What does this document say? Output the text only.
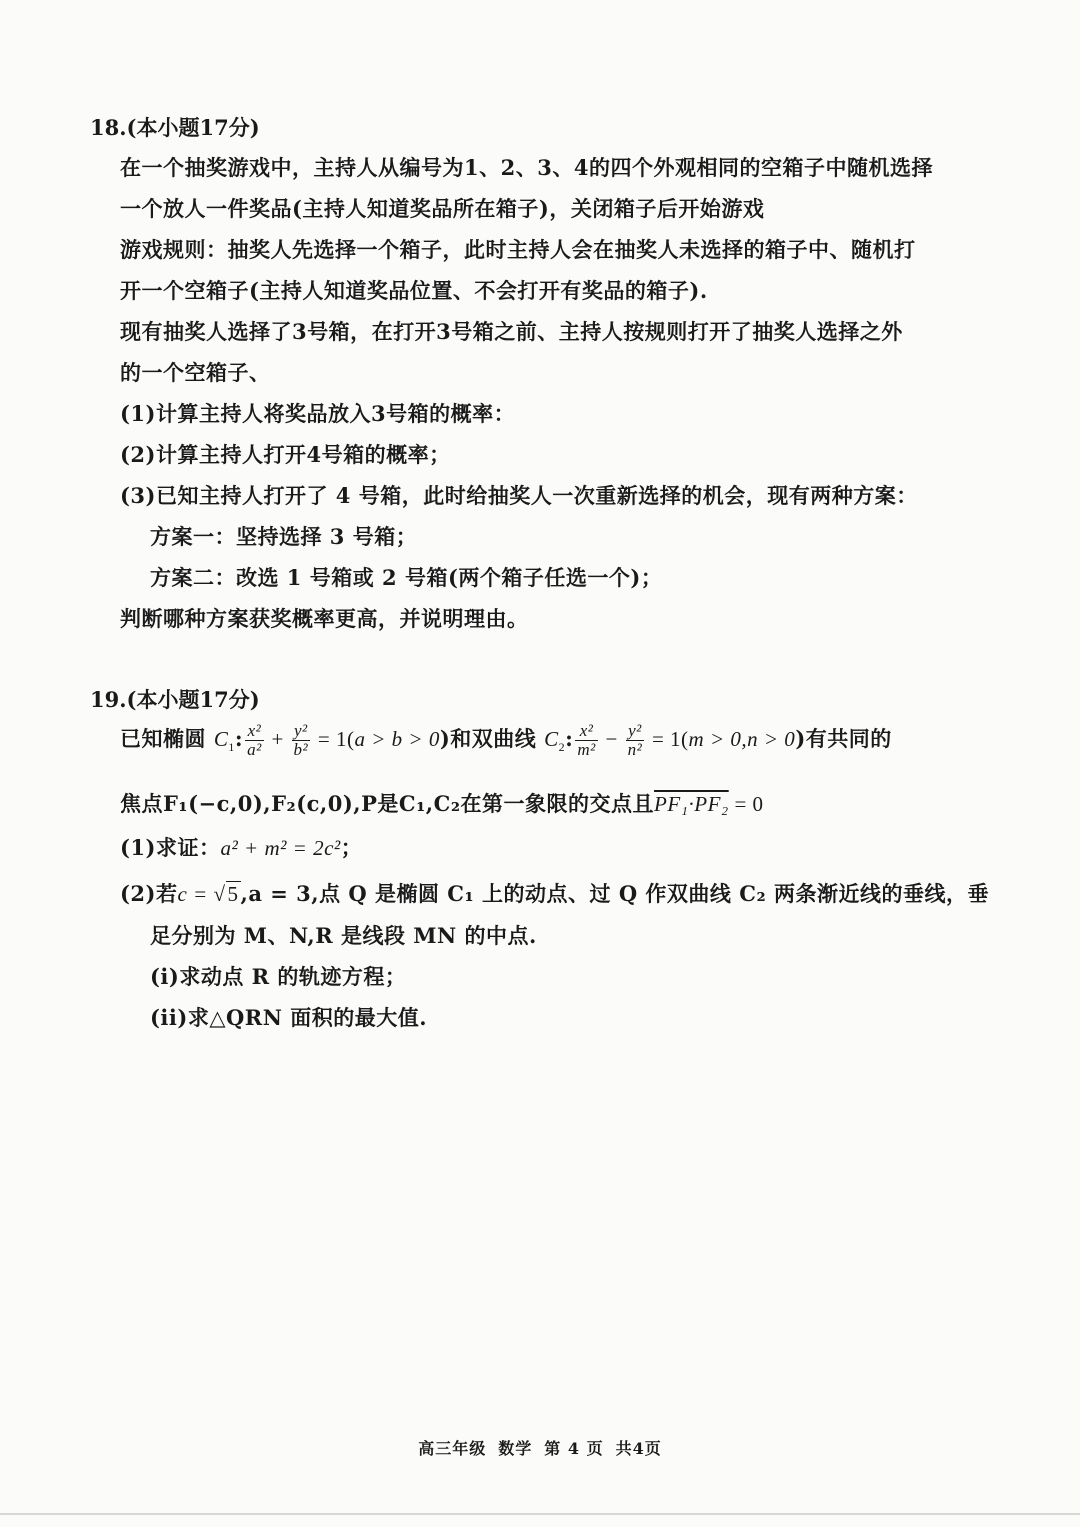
18.(本小题17分)
在一个抽奖游戏中，主持人从编号为1、2、3、4的四个外观相同的空箱子中随机选择
一个放人一件奖品(主持人知道奖品所在箱子)，关闭箱子后开始游戏
游戏规则：抽奖人先选择一个箱子，此时主持人会在抽奖人未选择的箱子中、随机打
开一个空箱子(主持人知道奖品位置、不会打开有奖品的箱子).
现有抽奖人选择了3号箱，在打开3号箱之前、主持人按规则打开了抽奖人选择之外
的一个空箱子、
(1)计算主持人将奖品放入3号箱的概率：
(2)计算主持人打开4号箱的概率；
(3)已知主持人打开了 4 号箱，此时给抽奖人一次重新选择的机会，现有两种方案：
方案一：坚持选择 3 号箱；
方案二：改选 1 号箱或 2 号箱(两个箱子任选一个)；
判断哪种方案获奖概率更高，并说明理由。
19.(本小题17分)
已知椭圆 $C_1$: $\frac{\text{x²}}{\text{a²}} + \frac{\text{y²}}{\text{b²}} = 1(a > b > 0)$和双曲线 $C_2$: $\frac{\text{x²}}{\text{m²}} - \frac{\text{y²}}{\text{n²}} = 1(m > 0,n > 0)$有共同的
焦点F₁(−c,0),F₂(c,0),P是C₁,C₂在第一象限的交点且PF₁·PF₂ = 0
(1)求证：a² + m² = 2c²；
(2)若c = √5,a = 3,点 Q 是椭圆 C₁ 上的动点、过 Q 作双曲线 C₂ 两条渐近线的垂线，垂
足分别为 M、N,R 是线段 MN 的中点.
(i)求动点 R 的轨迹方程；
(ii)求△QRN 面积的最大值.
高三年级 数学 第 4 页 共4页
